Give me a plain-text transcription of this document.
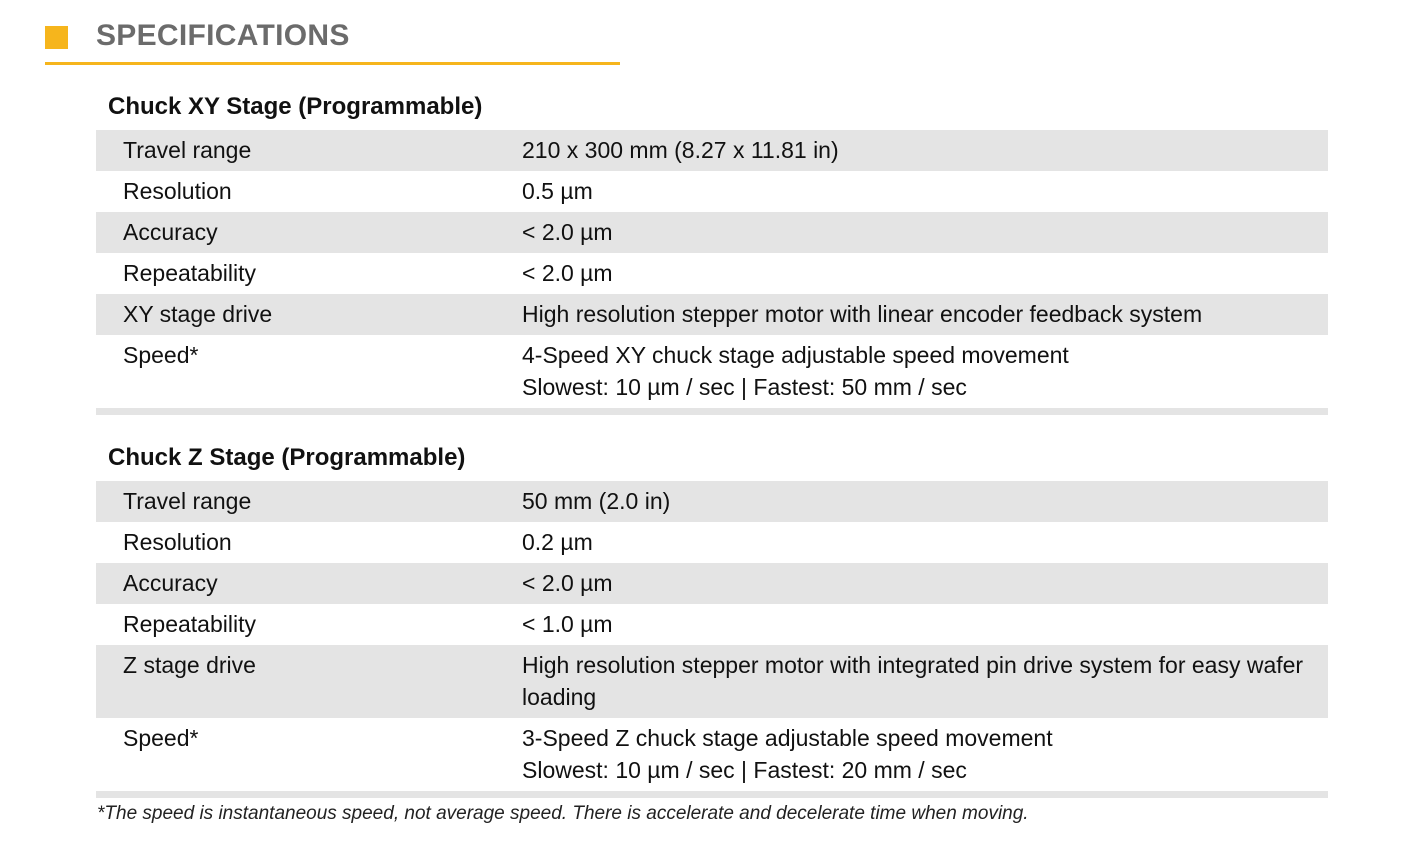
SPECIFICATIONS
Chuck XY Stage (Programmable)
Travel range	210 x 300 mm (8.27 x 11.81 in)
Resolution	0.5 µm
Accuracy	< 2.0 µm
Repeatability	< 2.0 µm
XY stage drive	High resolution stepper motor with linear encoder feedback system
Speed*	4-Speed XY chuck stage adjustable speed movement
Slowest: 10 µm / sec | Fastest: 50 mm / sec
Chuck Z Stage (Programmable)
Travel range	50 mm (2.0 in)
Resolution	0.2 µm
Accuracy	< 2.0 µm
Repeatability	< 1.0 µm
Z stage drive	High resolution stepper motor with integrated pin drive system for easy wafer loading
Speed*	3-Speed Z chuck stage adjustable speed movement
Slowest: 10 µm / sec | Fastest: 20 mm / sec
*The speed is instantaneous speed, not average speed. There is accelerate and decelerate time when moving.
